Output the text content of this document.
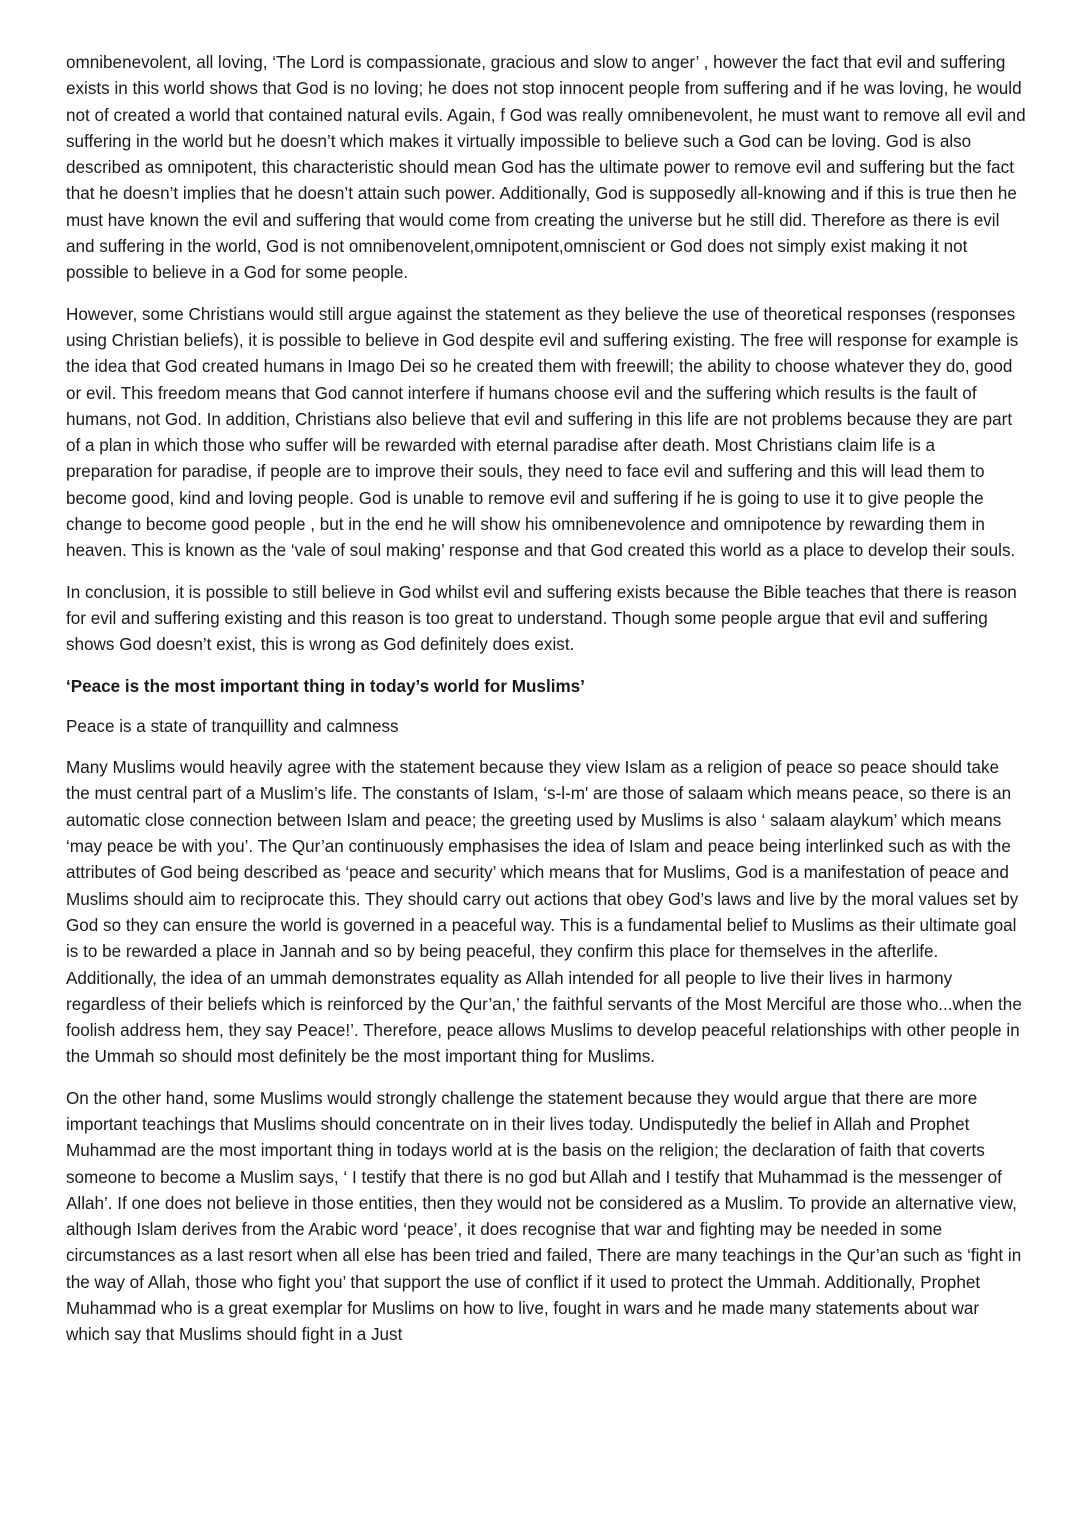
omnibenevolent, all loving, ‘The Lord is compassionate, gracious and slow to anger’ , however the fact that evil and suffering exists in this world shows that God is no loving; he does not stop innocent people from suffering and if he was loving, he would not of created a world that contained natural evils. Again, f God was really omnibenevolent, he must want to remove all evil and suffering in the world but he doesn’t which makes it virtually impossible to believe such a God can be loving. God is also described as omnipotent, this characteristic should mean God has the ultimate power to remove evil and suffering but the fact that he doesn’t implies that he doesn’t attain such power. Additionally, God is supposedly all-knowing and if this is true then he must have known the evil and suffering that would come from creating the universe but he still did. Therefore as there is evil and suffering in the world, God is not omnibenovelent,omnipotent,omniscient or God does not simply exist making it not possible to believe in a God for some people.

However, some Christians would still argue against the statement as they believe the use of theoretical responses (responses using Christian beliefs), it is possible to believe in God despite evil and suffering existing. The free will response for example is the idea that God created humans in Imago Dei so he created them with freewill; the ability to choose whatever they do, good or evil. This freedom means that God cannot interfere if humans choose evil and the suffering which results is the fault of humans, not God. In addition, Christians also believe that evil and suffering in this life are not problems because they are part of a plan in which those who suffer will be rewarded with eternal paradise after death. Most Christians claim life is a preparation for paradise, if people are to improve their souls, they need to face evil and suffering and this will lead them to become good, kind and loving people. God is unable to remove evil and suffering if he is going to use it to give people the change to become good people , but in the end he will show his omnibenevolence and omnipotence by rewarding them in heaven. This is known as the ‘vale of soul making’ response and that God created this world as a place to develop their souls.

In conclusion, it is possible to still believe in God whilst evil and suffering exists because the Bible teaches that there is reason for evil and suffering existing and this reason is too great to understand. Though some people argue that evil and suffering shows God doesn’t exist, this is wrong as God definitely does exist.

‘Peace is the most important thing in today’s world for Muslims’

Peace is a state of tranquillity and calmness

Many Muslims would heavily agree with the statement because they view Islam as a religion of peace so peace should take the must central part of a Muslim’s life. The constants of Islam, ‘s-l-m' are those of salaam which means peace, so there is an automatic close connection between Islam and peace; the greeting used by Muslims is also ‘ salaam alaykum’ which means ‘may peace be with you’. The Qur’an continuously emphasises the idea of Islam and peace being interlinked such as with the attributes of God being described as ‘peace and security’ which means that for Muslims, God is a manifestation of peace and Muslims should aim to reciprocate this. They should carry out actions that obey God’s laws and live by the moral values set by God so they can ensure the world is governed in a peaceful way. This is a fundamental belief to Muslims as their ultimate goal is to be rewarded a place in Jannah and so by being peaceful, they confirm this place for themselves in the afterlife. Additionally, the idea of an ummah demonstrates equality as Allah intended for all people to live their lives in harmony regardless of their beliefs which is reinforced by the Qur’an,’ the faithful servants of the Most Merciful are those who...when the foolish address hem, they say Peace!’. Therefore, peace allows Muslims to develop peaceful relationships with other people in the Ummah so should most definitely be the most important thing for Muslims.

On the other hand, some Muslims would strongly challenge the statement because they would argue that there are more important teachings that Muslims should concentrate on in their lives today. Undisputedly the belief in Allah and Prophet Muhammad are the most important thing in todays world at is the basis on the religion; the declaration of faith that coverts someone to become a Muslim says, ‘ I testify that there is no god but Allah and I testify that Muhammad is the messenger of Allah’. If one does not believe in those entities, then they would not be considered as a Muslim. To provide an alternative view, although Islam derives from the Arabic word ‘peace’, it does recognise that war and fighting may be needed in some circumstances as a last resort when all else has been tried and failed, There are many teachings in the Qur’an such as ‘fight in the way of Allah, those who fight you’ that support the use of conflict if it used to protect the Ummah. Additionally, Prophet Muhammad who is a great exemplar for Muslims on how to live, fought in wars and he made many statements about war which say that Muslims should fight in a Just
